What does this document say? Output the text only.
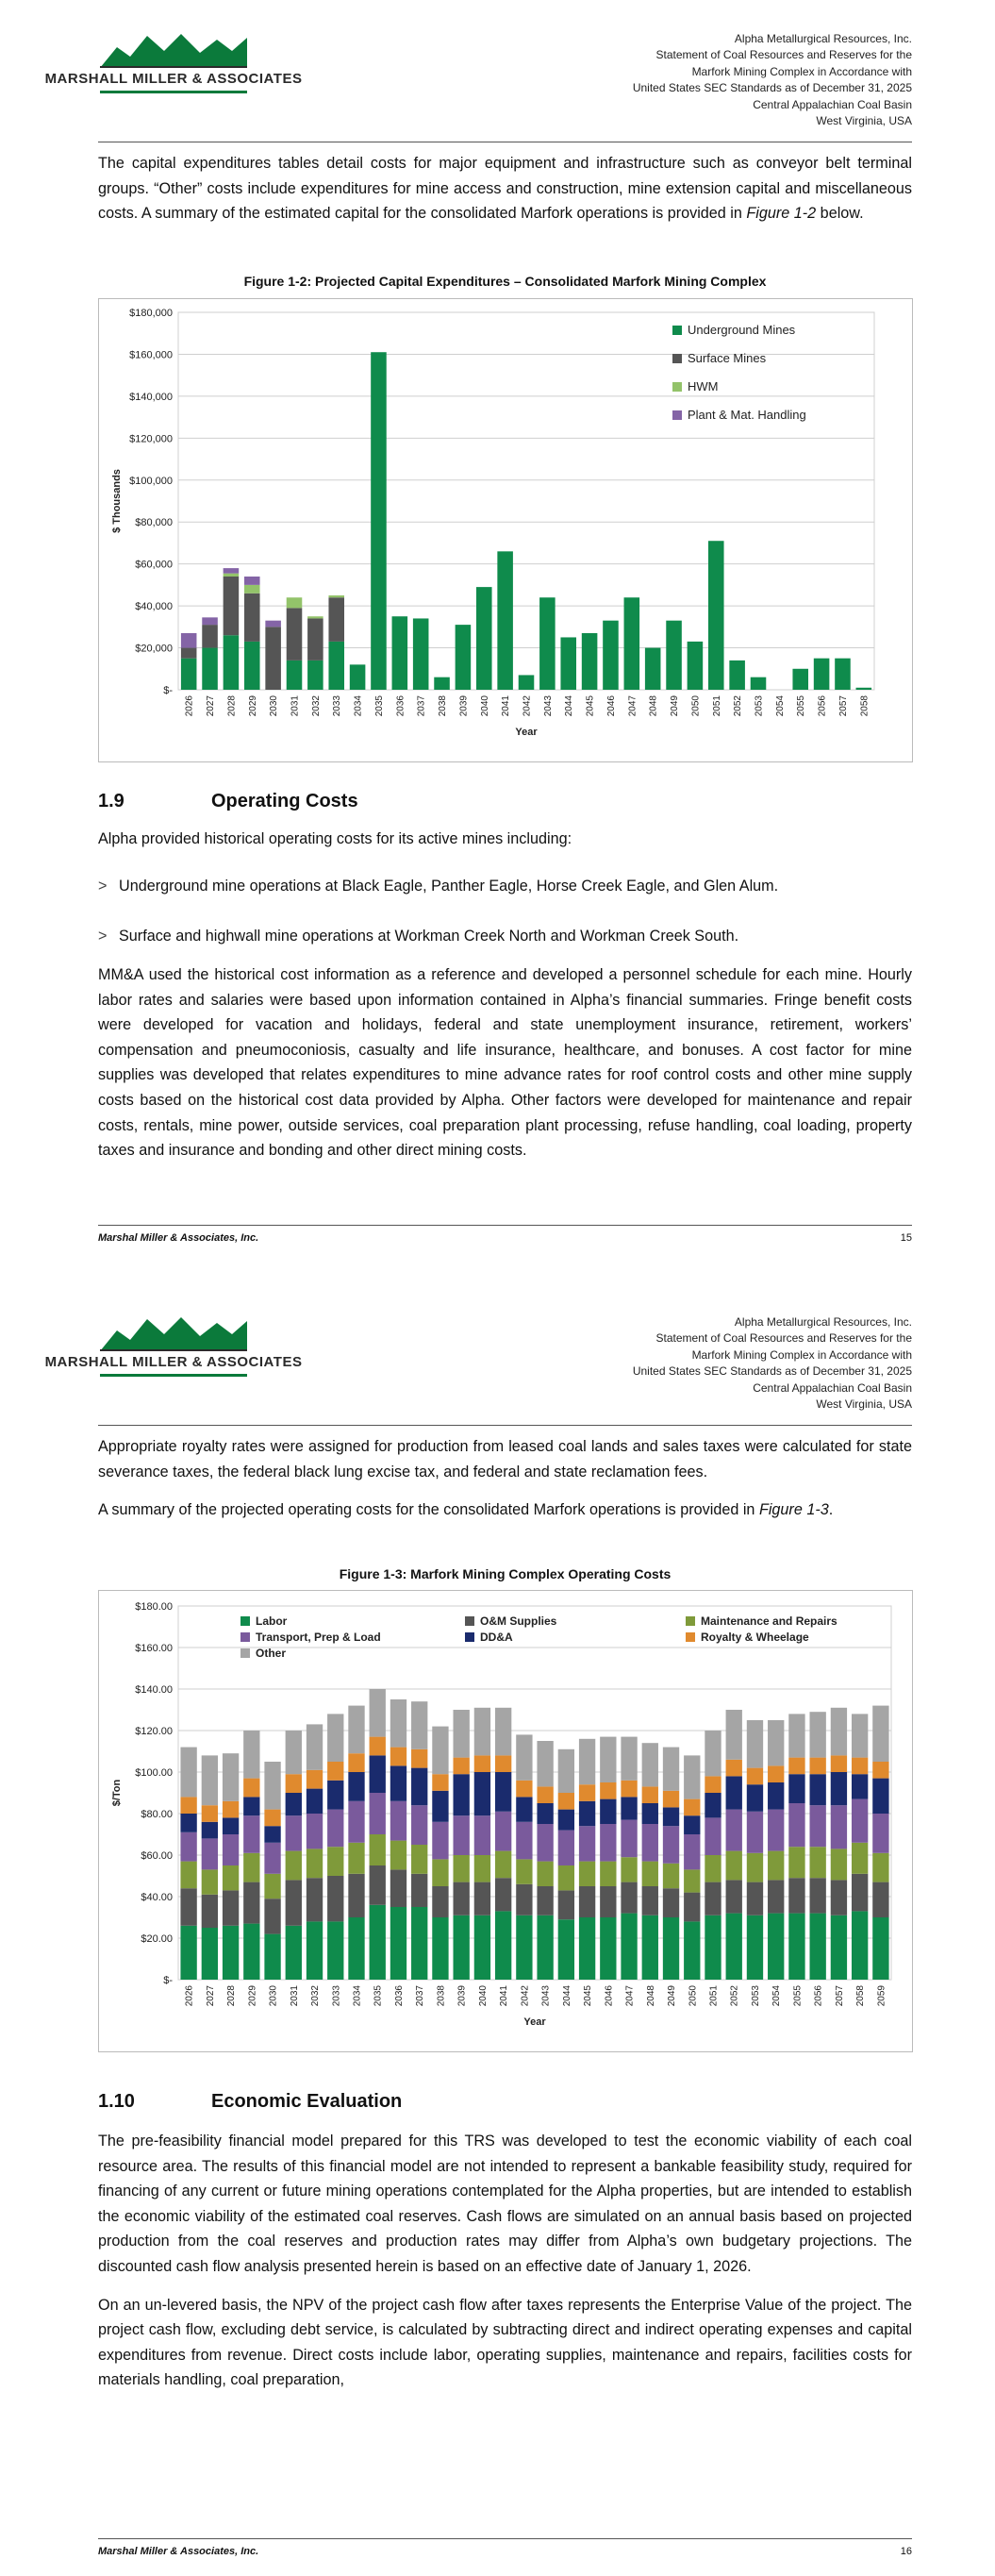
MARSHALL MILLER & ASSOCIATES
Alpha Metallurgical Resources, Inc.
Statement of Coal Resources and Reserves for the
Marfork Mining Complex in Accordance with
United States SEC Standards as of December 31, 2025
Central Appalachian Coal Basin
West Virginia, USA

The capital expenditures tables detail costs for major equipment and infrastructure such as conveyor belt terminal groups. “Other” costs include expenditures for mine access and construction, mine extension capital and miscellaneous costs. A summary of the estimated capital for the consolidated Marfork operations is provided in Figure 1-2 below.

Figure 1-2: Projected Capital Expenditures – Consolidated Marfork Mining Complex
$-
$20,000
$40,000
$60,000
$80,000
$100,000
$120,000
$140,000
$160,000
$180,000
2026 2027 2028 2029 2030 2031 2032 2033 2034 2035 2036 2037 2038 2039 2040 2041 2042 2043 2044 2045 2046 2047 2048 2049 2050 2051 2052 2053 2054 2055 2056 2057 2058
Year
$ Thousands
Underground Mines
Surface Mines
HWM
Plant & Mat. Handling
1.9	Operating Costs
Alpha provided historical operating costs for its active mines including:
> Underground mine operations at Black Eagle, Panther Eagle, Horse Creek Eagle, and Glen Alum.
> Surface and highwall mine operations at Workman Creek North and Workman Creek South.
MM&A used the historical cost information as a reference and developed a personnel schedule for each mine. Hourly labor rates and salaries were based upon information contained in Alpha’s financial summaries. Fringe benefit costs were developed for vacation and holidays, federal and state unemployment insurance, retirement, workers’ compensation and pneumoconiosis, casualty and life insurance, healthcare, and bonuses. A cost factor for mine supplies was developed that relates expenditures to mine advance rates for roof control costs and other mine supply costs based on the historical cost data provided by Alpha. Other factors were developed for maintenance and repair costs, rentals, mine power, outside services, coal preparation plant processing, refuse handling, coal loading, property taxes and insurance and bonding and other direct mining costs.
Marshal Miller & Associates, Inc.	15
MARSHALL MILLER & ASSOCIATES
Alpha Metallurgical Resources, Inc.
Statement of Coal Resources and Reserves for the
Marfork Mining Complex in Accordance with
United States SEC Standards as of December 31, 2025
Central Appalachian Coal Basin
West Virginia, USA

Appropriate royalty rates were assigned for production from leased coal lands and sales taxes were calculated for state severance taxes, the federal black lung excise tax, and federal and state reclamation fees.

A summary of the projected operating costs for the consolidated Marfork operations is provided in Figure 1-3.

Figure 1-3: Marfork Mining Complex Operating Costs
$-
$20.00
$40.00
$60.00
$80.00
$100.00
$120.00
$140.00
$160.00
$180.00
2026 2027 2028 2029 2030 2031 2032 2033 2034 2035 2036 2037 2038 2039 2040 2041 2042 2043 2044 2045 2046 2047 2048 2049 2050 2051 2052 2053 2054 2055 2056 2057 2058 2059
Year
$/Ton
Labor	O&M Supplies	Maintenance and Repairs
Transport, Prep & Load	DD&A	Royalty & Wheelage
Other
1.10	Economic Evaluation
Marshal Miller & Associates, Inc.	16

The pre-feasibility financial model prepared for this TRS was developed to test the economic viability of each coal resource area. The results of this financial model are not intended to represent a bankable feasibility study, required for financing of any current or future mining operations contemplated for the Alpha properties, but are intended to establish the economic viability of the estimated coal reserves. Cash flows are simulated on an annual basis based on projected production from the coal reserves and production rates may differ from Alpha’s own budgetary projections. The discounted cash flow analysis presented herein is based on an effective date of January 1, 2026.

On an un-levered basis, the NPV of the project cash flow after taxes represents the Enterprise Value of the project. The project cash flow, excluding debt service, is calculated by subtracting direct and indirect operating expenses and capital expenditures from revenue. Direct costs include labor, operating supplies, maintenance and repairs, facilities costs for materials handling, coal preparation,
